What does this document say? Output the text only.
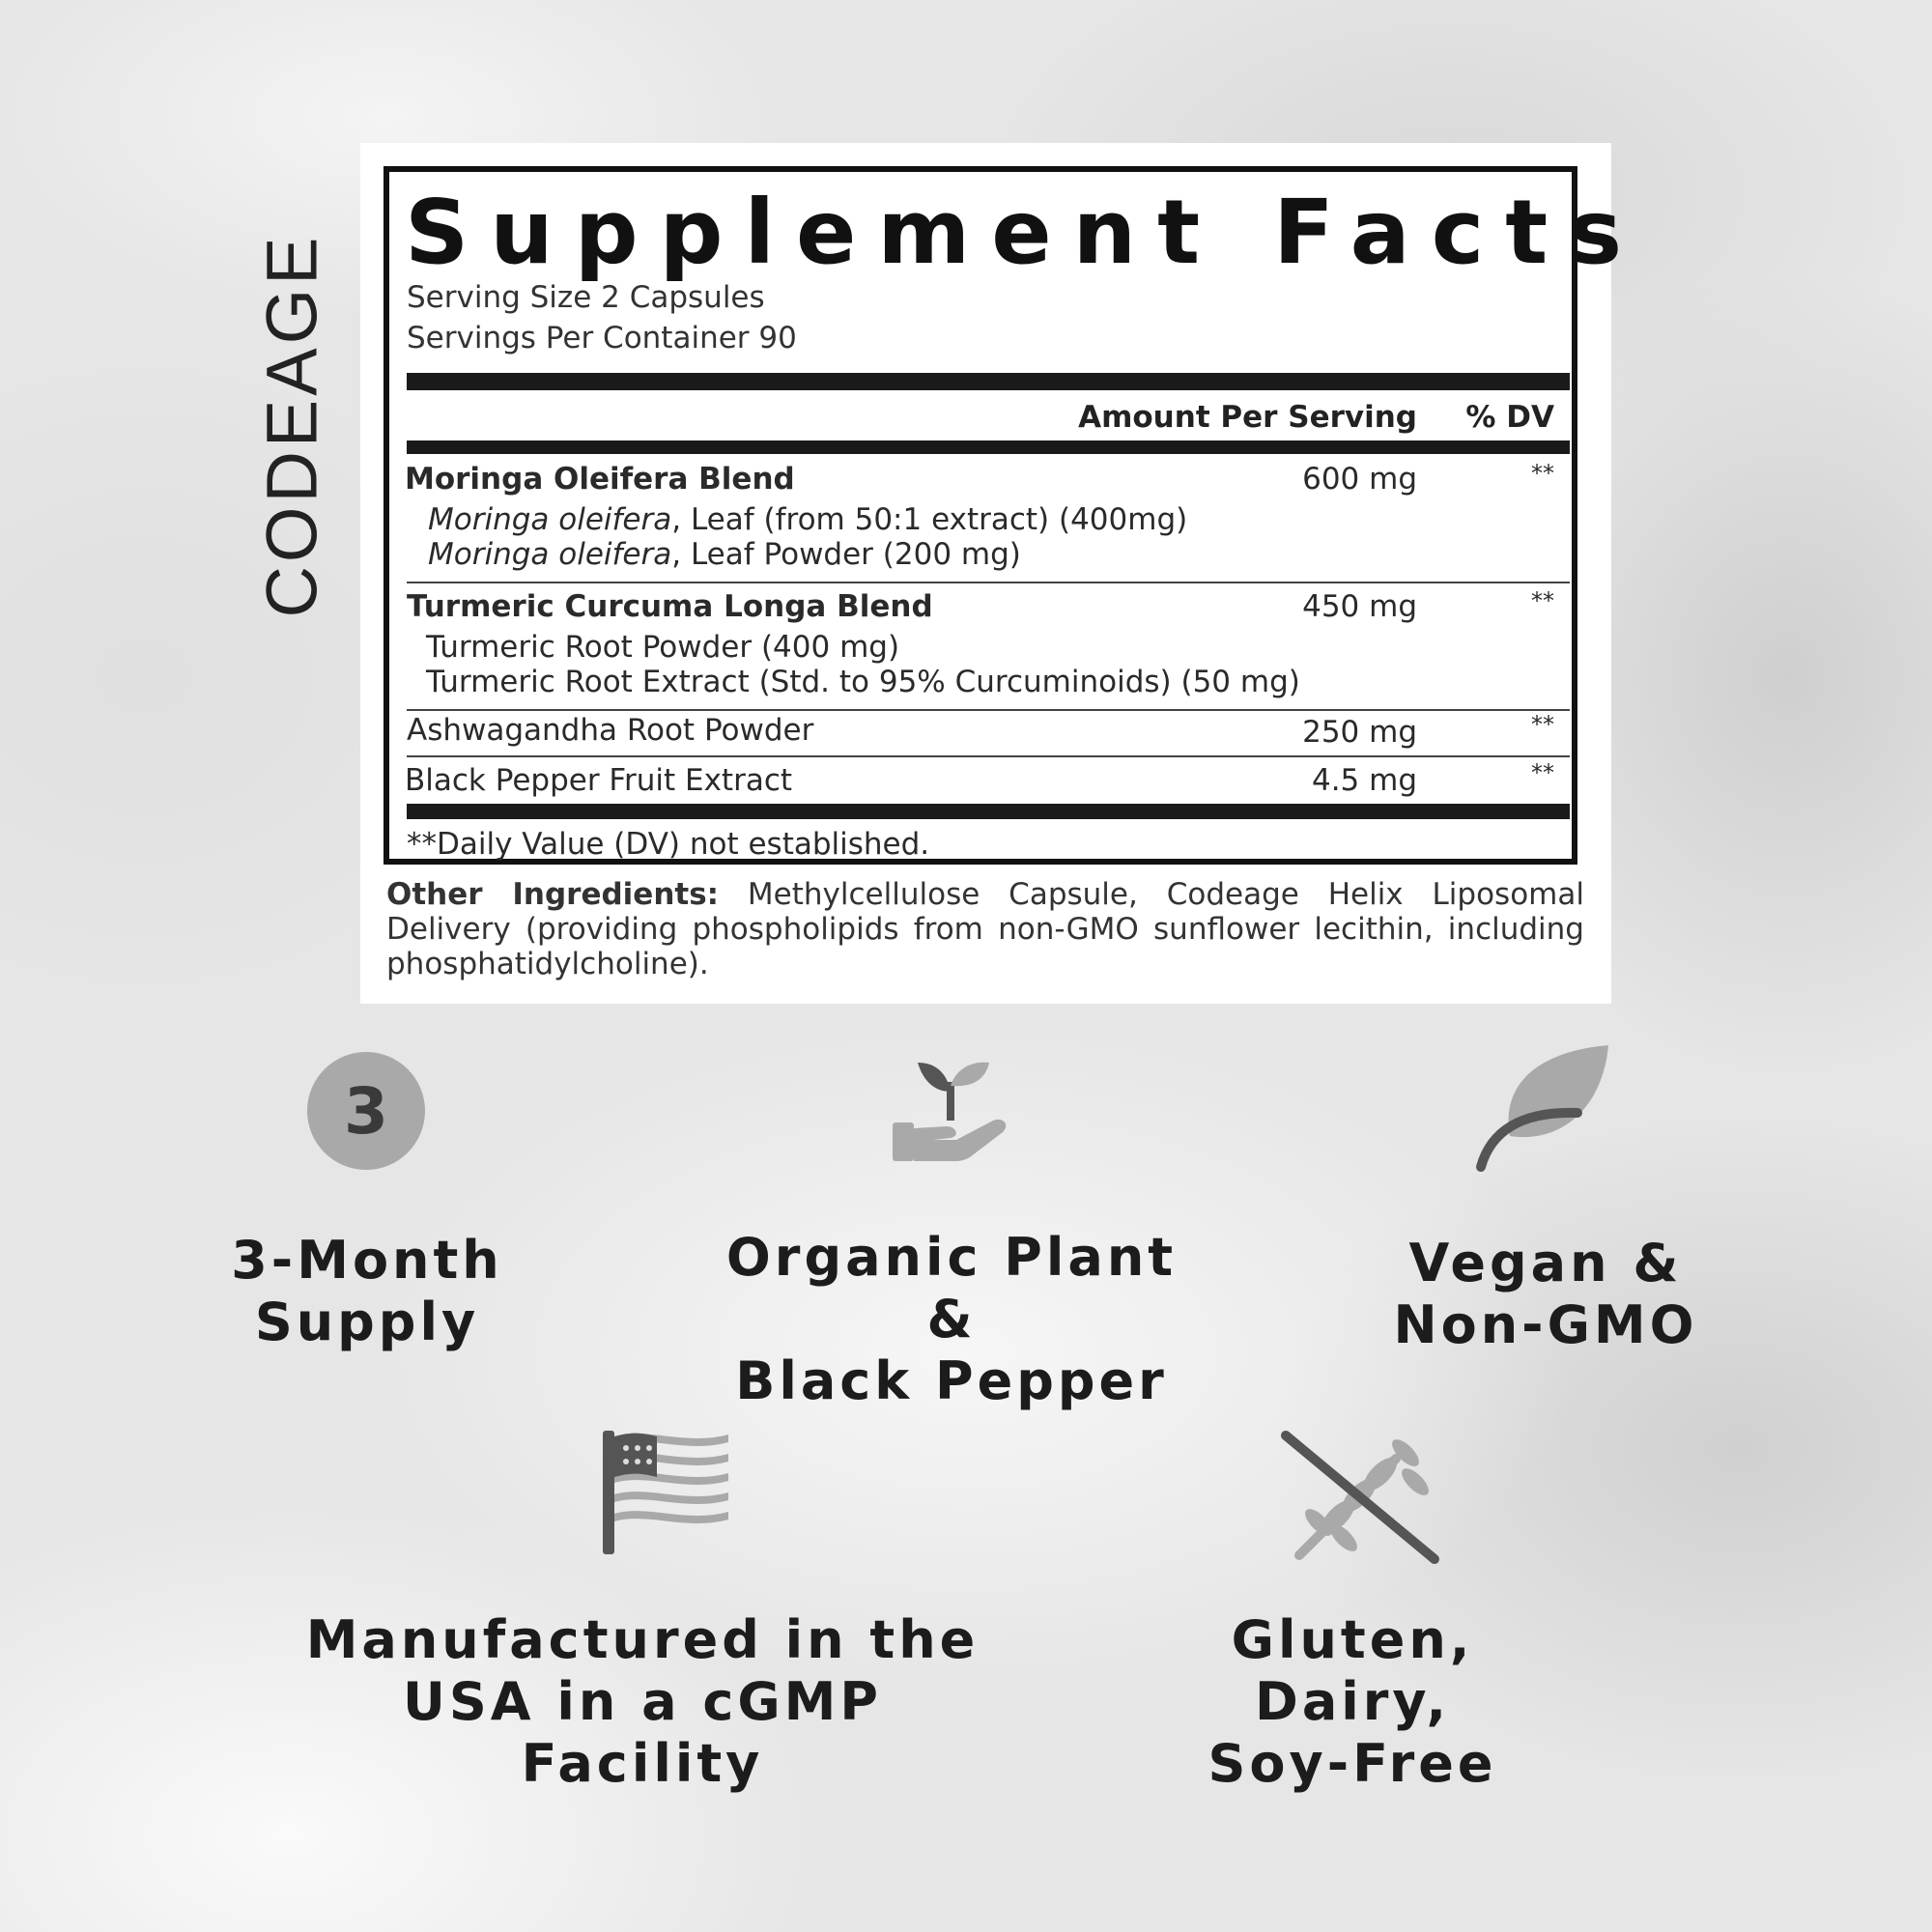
CODEAGE
Supplement Facts
Serving Size 2 Capsules
Servings Per Container 90
Amount Per Serving % DV
Moringa Oleifera Blend	600 mg	**
Moringa oleifera, Leaf (from 50:1 extract) (400mg)
Moringa oleifera, Leaf Powder (200 mg)
Turmeric Curcuma Longa Blend	450 mg	**
Turmeric Root Powder (400 mg)
Turmeric Root Extract (Std. to 95% Curcuminoids) (50 mg)
Ashwagandha Root Powder	250 mg	**
Black Pepper Fruit Extract	4.5 mg	**
**Daily Value (DV) not established.
Other Ingredients: Methylcellulose Capsule, Codeage Helix Liposomal Delivery (providing phospholipids from non-GMO sunflower lecithin, including phosphatidylcholine).
3
3-Month
Supply
Organic Plant &
Black Pepper
Vegan &
Non-GMO
Manufactured in the
USA in a cGMP Facility
Gluten, Dairy,
Soy-Free
